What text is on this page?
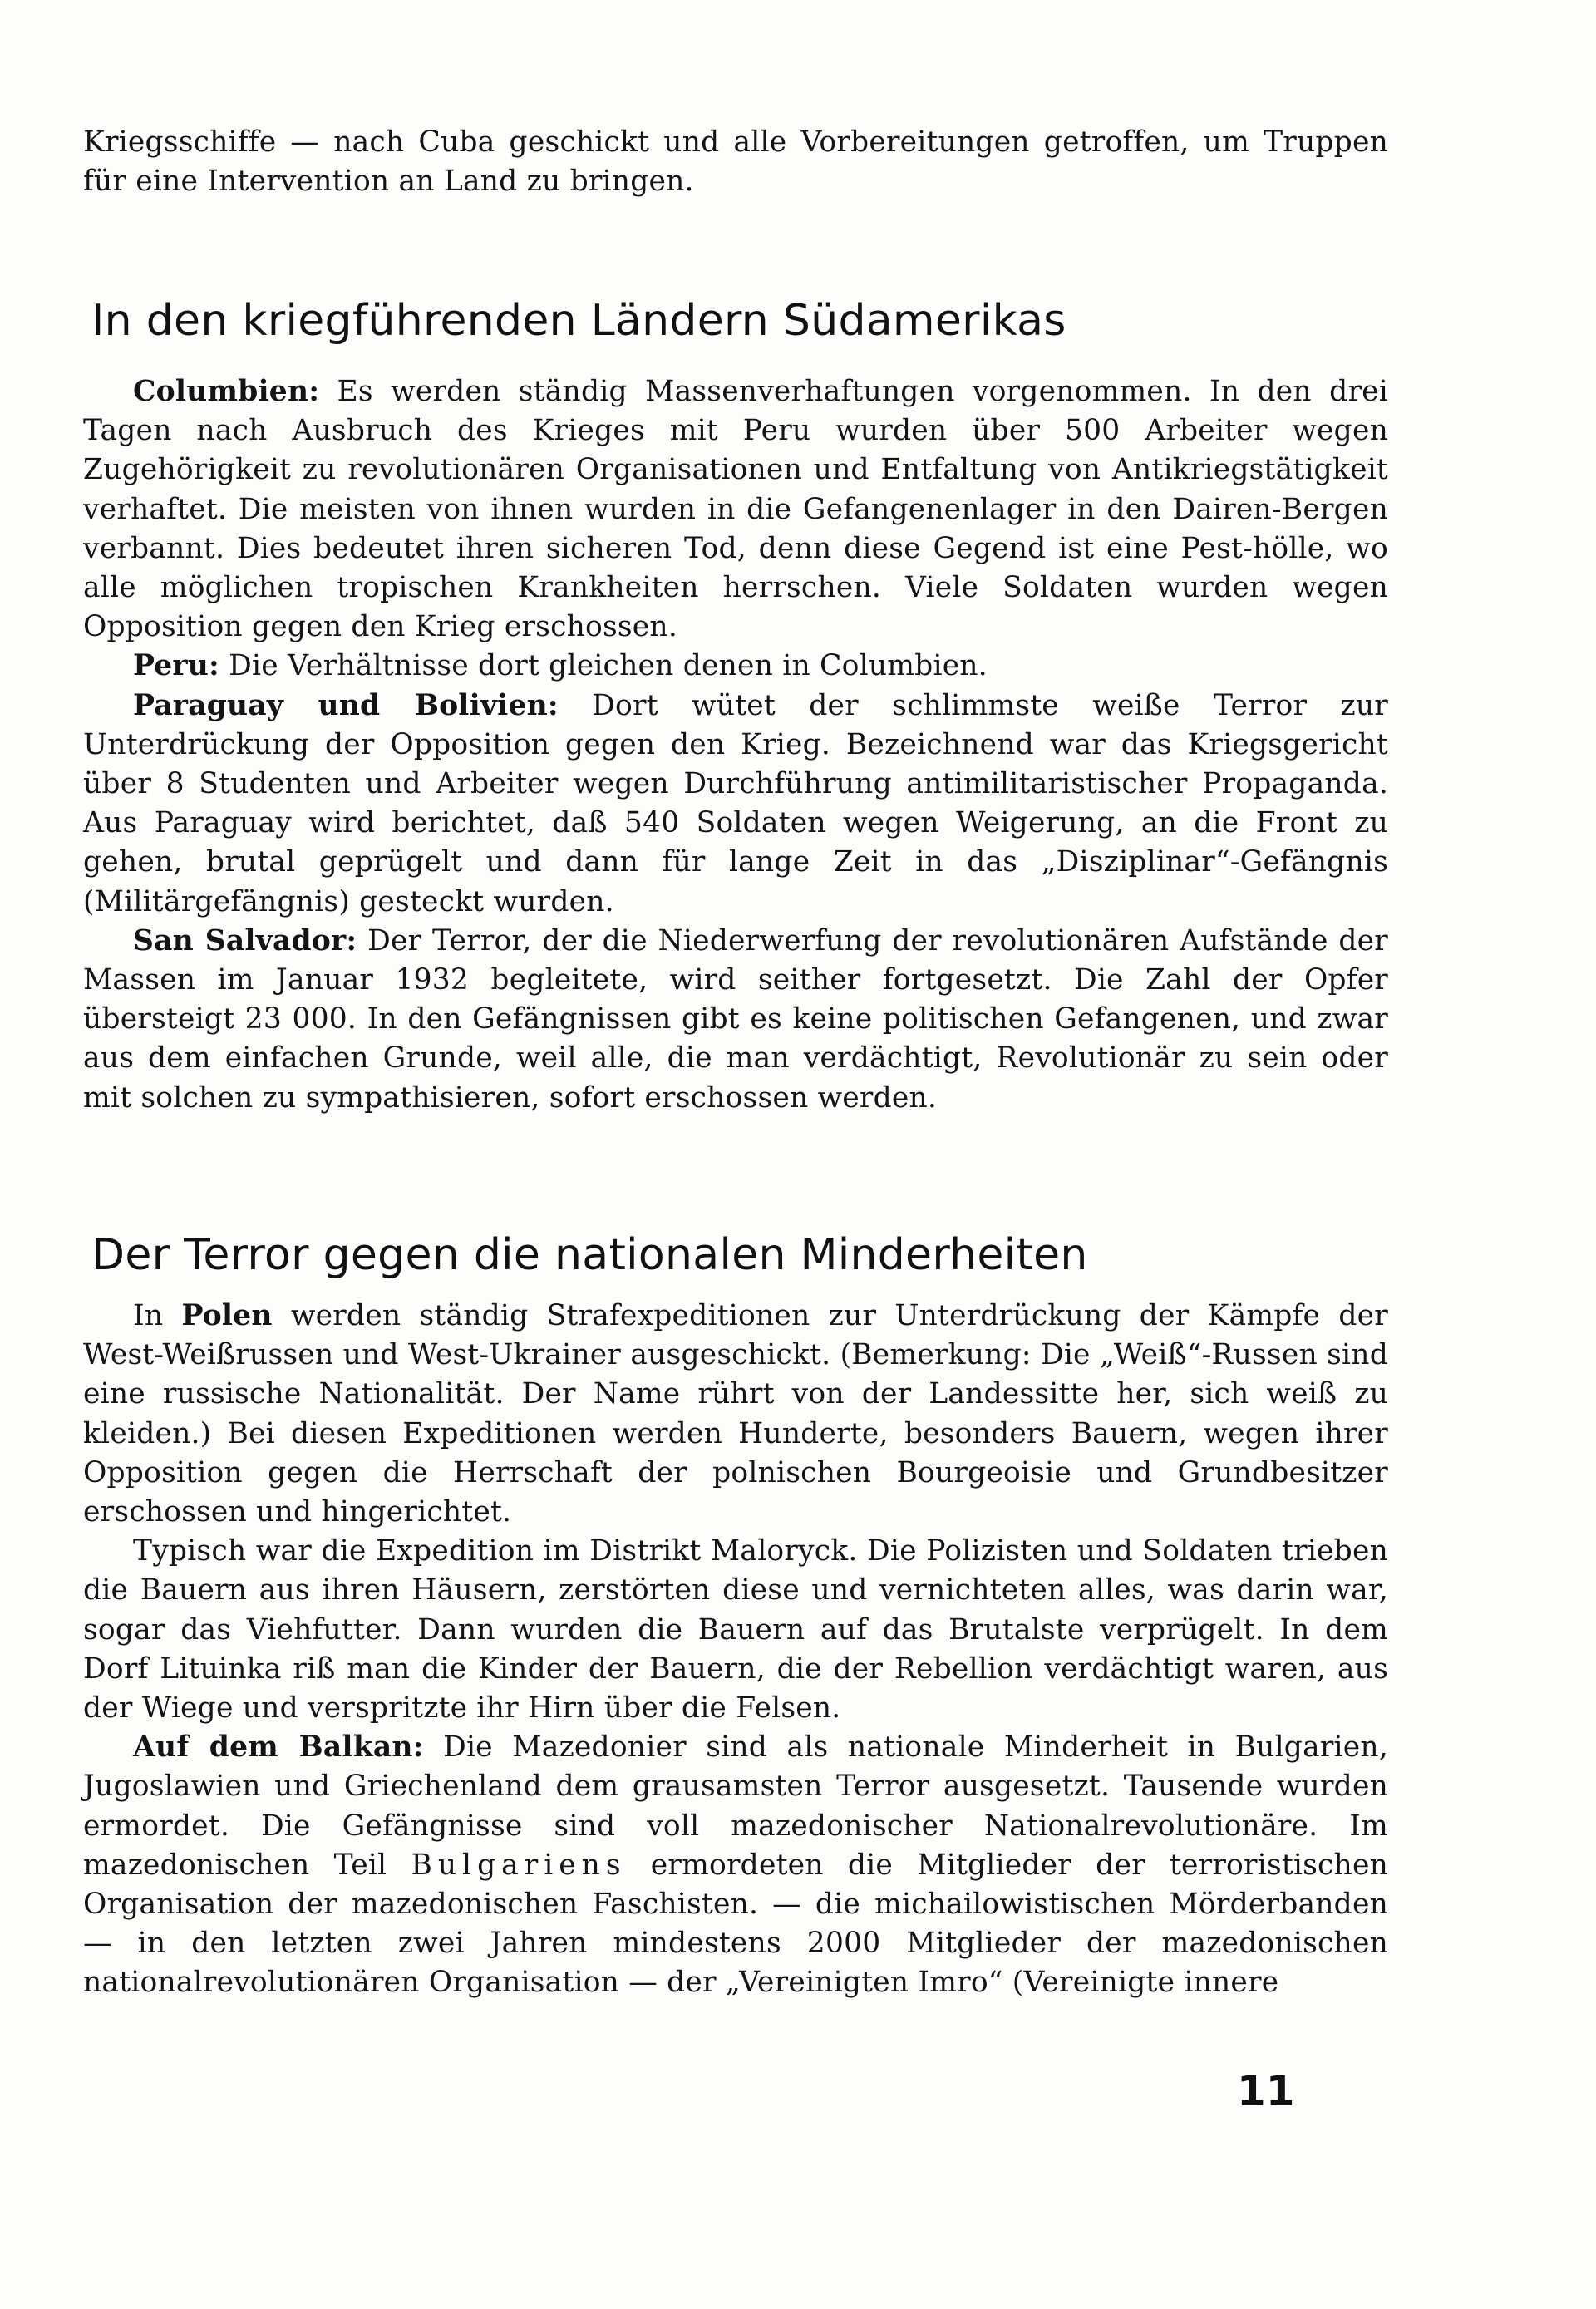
Kriegsschiffe — nach Cuba geschickt und alle Vorbereitungen getroffen, um Truppen

für eine Intervention an Land zu bringen.

In den kriegführenden Ländern Südamerikas

Columbien: Es werden ständig Massenverhaftungen vorgenommen. In den drei Tagen nach Ausbruch des Krieges mit Peru wurden über 500 Arbeiter wegen Zugehörigkeit zu revolutionären Organisationen und Entfaltung von Antikriegstätigkeit verhaftet. Die meisten von ihnen wurden in die Gefangenenlager in den Dairen-Bergen verbannt. Dies bedeutet ihren sicheren Tod, denn diese Gegend ist eine Pest-hölle, wo alle möglichen tropischen Krankheiten herrschen. Viele Soldaten wurden wegen Opposition gegen den Krieg erschossen.

Peru: Die Verhältnisse dort gleichen denen in Columbien.

Paraguay und Bolivien: Dort wütet der schlimmste weiße Terror zur Unterdrückung der Opposition gegen den Krieg. Bezeichnend war das Kriegsgericht über 8 Studenten und Arbeiter wegen Durchführung antimilitaristischer Propaganda. Aus Paraguay wird berichtet, daß 540 Soldaten wegen Weigerung, an die Front zu gehen, brutal geprügelt und dann für lange Zeit in das „Disziplinar“-Gefängnis (Militärgefängnis) gesteckt wurden.

San Salvador: Der Terror, der die Niederwerfung der revolutionären Aufstände der Massen im Januar 1932 begleitete, wird seither fortgesetzt. Die Zahl der Opfer übersteigt 23 000. In den Gefängnissen gibt es keine politischen Gefangenen, und zwar aus dem einfachen Grunde, weil alle, die man verdächtigt, Revolutionär zu sein oder mit solchen zu sympathisieren, sofort erschossen werden.

Der Terror gegen die nationalen Minderheiten

In Polen werden ständig Strafexpeditionen zur Unterdrückung der Kämpfe der West-Weißrussen und West-Ukrainer ausgeschickt. (Bemerkung: Die „Weiß“-Russen sind eine russische Nationalität. Der Name rührt von der Landessitte her, sich weiß zu kleiden.) Bei diesen Expeditionen werden Hunderte, besonders Bauern, wegen ihrer Opposition gegen die Herrschaft der polnischen Bourgeoisie und Grundbesitzer erschossen und hingerichtet.

Typisch war die Expedition im Distrikt Maloryck. Die Polizisten und Soldaten trieben die Bauern aus ihren Häusern, zerstörten diese und vernichteten alles, was darin war, sogar das Viehfutter. Dann wurden die Bauern auf das Brutalste verprügelt. In dem Dorf Lituinka riß man die Kinder der Bauern, die der Rebellion verdächtigt waren, aus der Wiege und verspritzte ihr Hirn über die Felsen.

Auf dem Balkan: Die Mazedonier sind als nationale Minderheit in Bulgarien, Jugoslawien und Griechenland dem grausamsten Terror ausgesetzt. Tausende wurden ermordet. Die Gefängnisse sind voll mazedonischer Nationalrevolutionäre. Im mazedonischen Teil Bulgariens ermordeten die Mitglieder der terroristischen Organisation der mazedonischen Faschisten. — die michailowistischen Mörderbanden — in den letzten zwei Jahren mindestens 2000 Mitglieder der mazedonischen nationalrevolutionären Organisation — der „Vereinigten Imro“ (Vereinigte innere

11
